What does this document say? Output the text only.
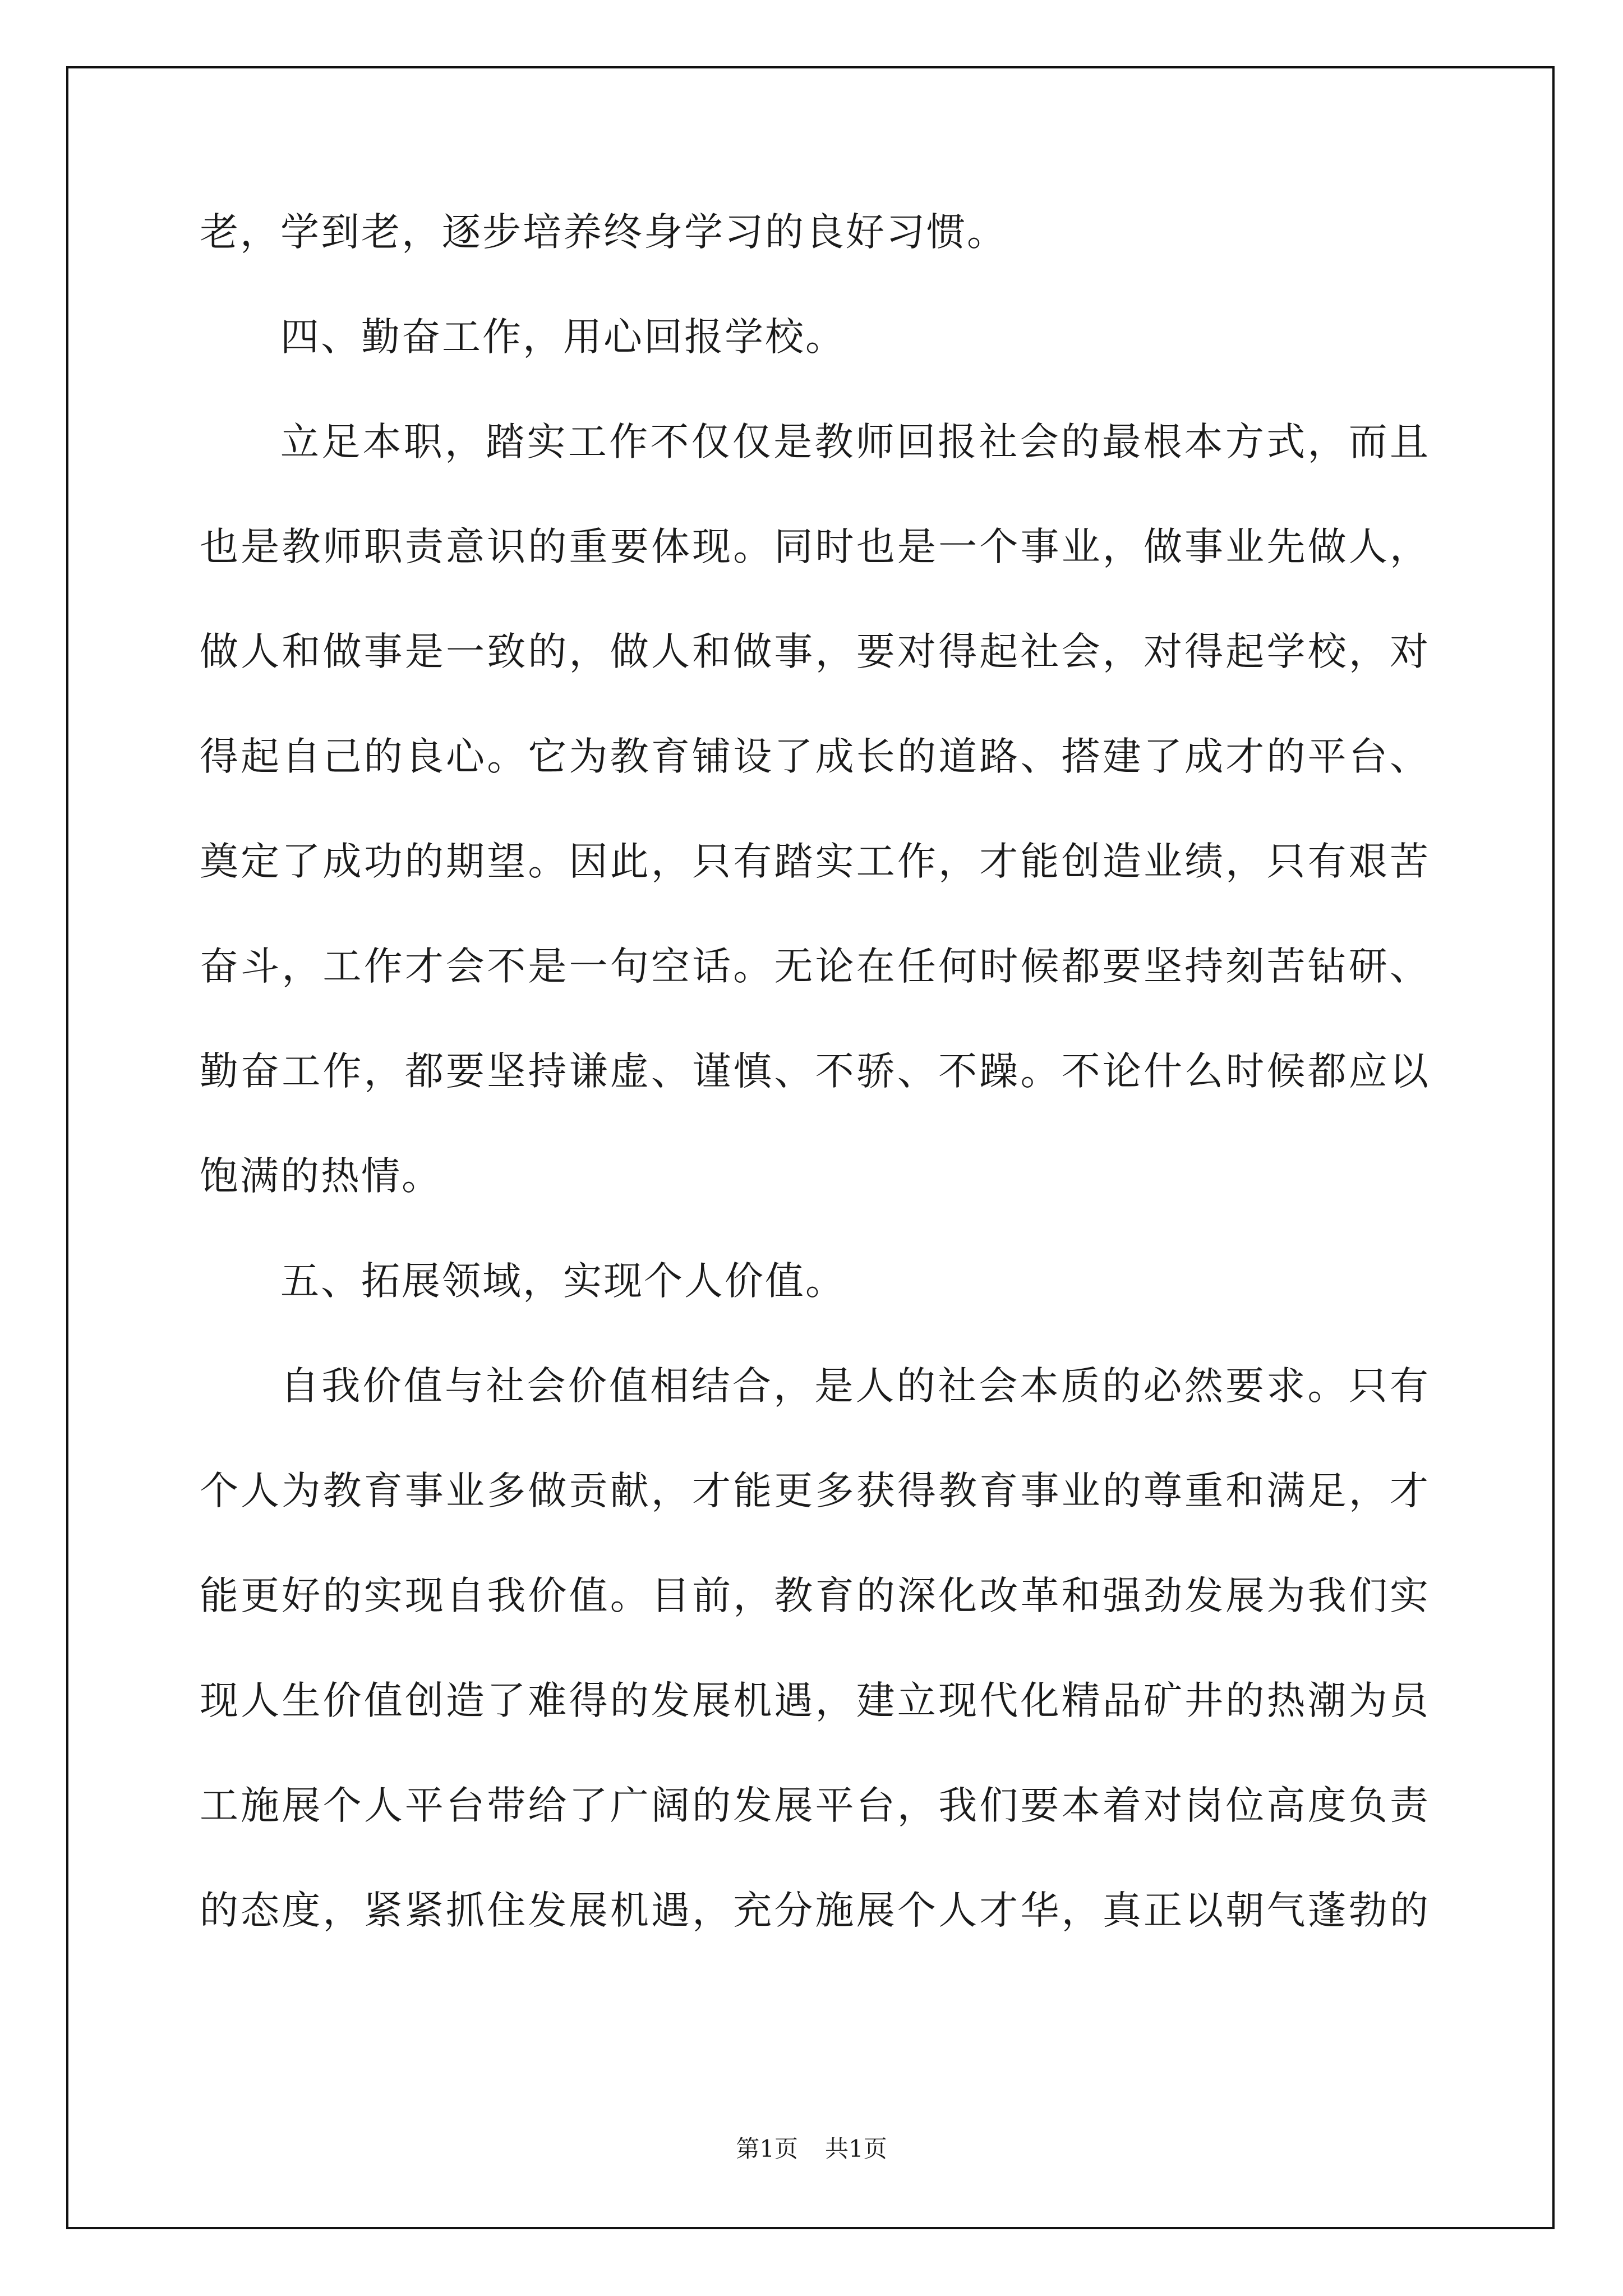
老，学到老，逐步培养终身学习的良好习惯。
四、勤奋工作，用心回报学校。
立足本职，踏实工作不仅仅是教师回报社会的最根本方式，而且
也是教师职责意识的重要体现。同时也是一个事业，做事业先做人，
做人和做事是一致的，做人和做事，要对得起社会，对得起学校，对
得起自己的良心。它为教育铺设了成长的道路、搭建了成才的平台、
奠定了成功的期望。因此，只有踏实工作，才能创造业绩，只有艰苦
奋斗，工作才会不是一句空话。无论在任何时候都要坚持刻苦钻研、
勤奋工作，都要坚持谦虚、谨慎、不骄、不躁。不论什么时候都应以
饱满的热情。
五、拓展领域，实现个人价值。
自我价值与社会价值相结合，是人的社会本质的必然要求。只有
个人为教育事业多做贡献，才能更多获得教育事业的尊重和满足，才
能更好的实现自我价值。目前，教育的深化改革和强劲发展为我们实
现人生价值创造了难得的发展机遇，建立现代化精品矿井的热潮为员
工施展个人平台带给了广阔的发展平台，我们要本着对岗位高度负责
的态度，紧紧抓住发展机遇，充分施展个人才华，真正以朝气蓬勃的
第1页 共1页
